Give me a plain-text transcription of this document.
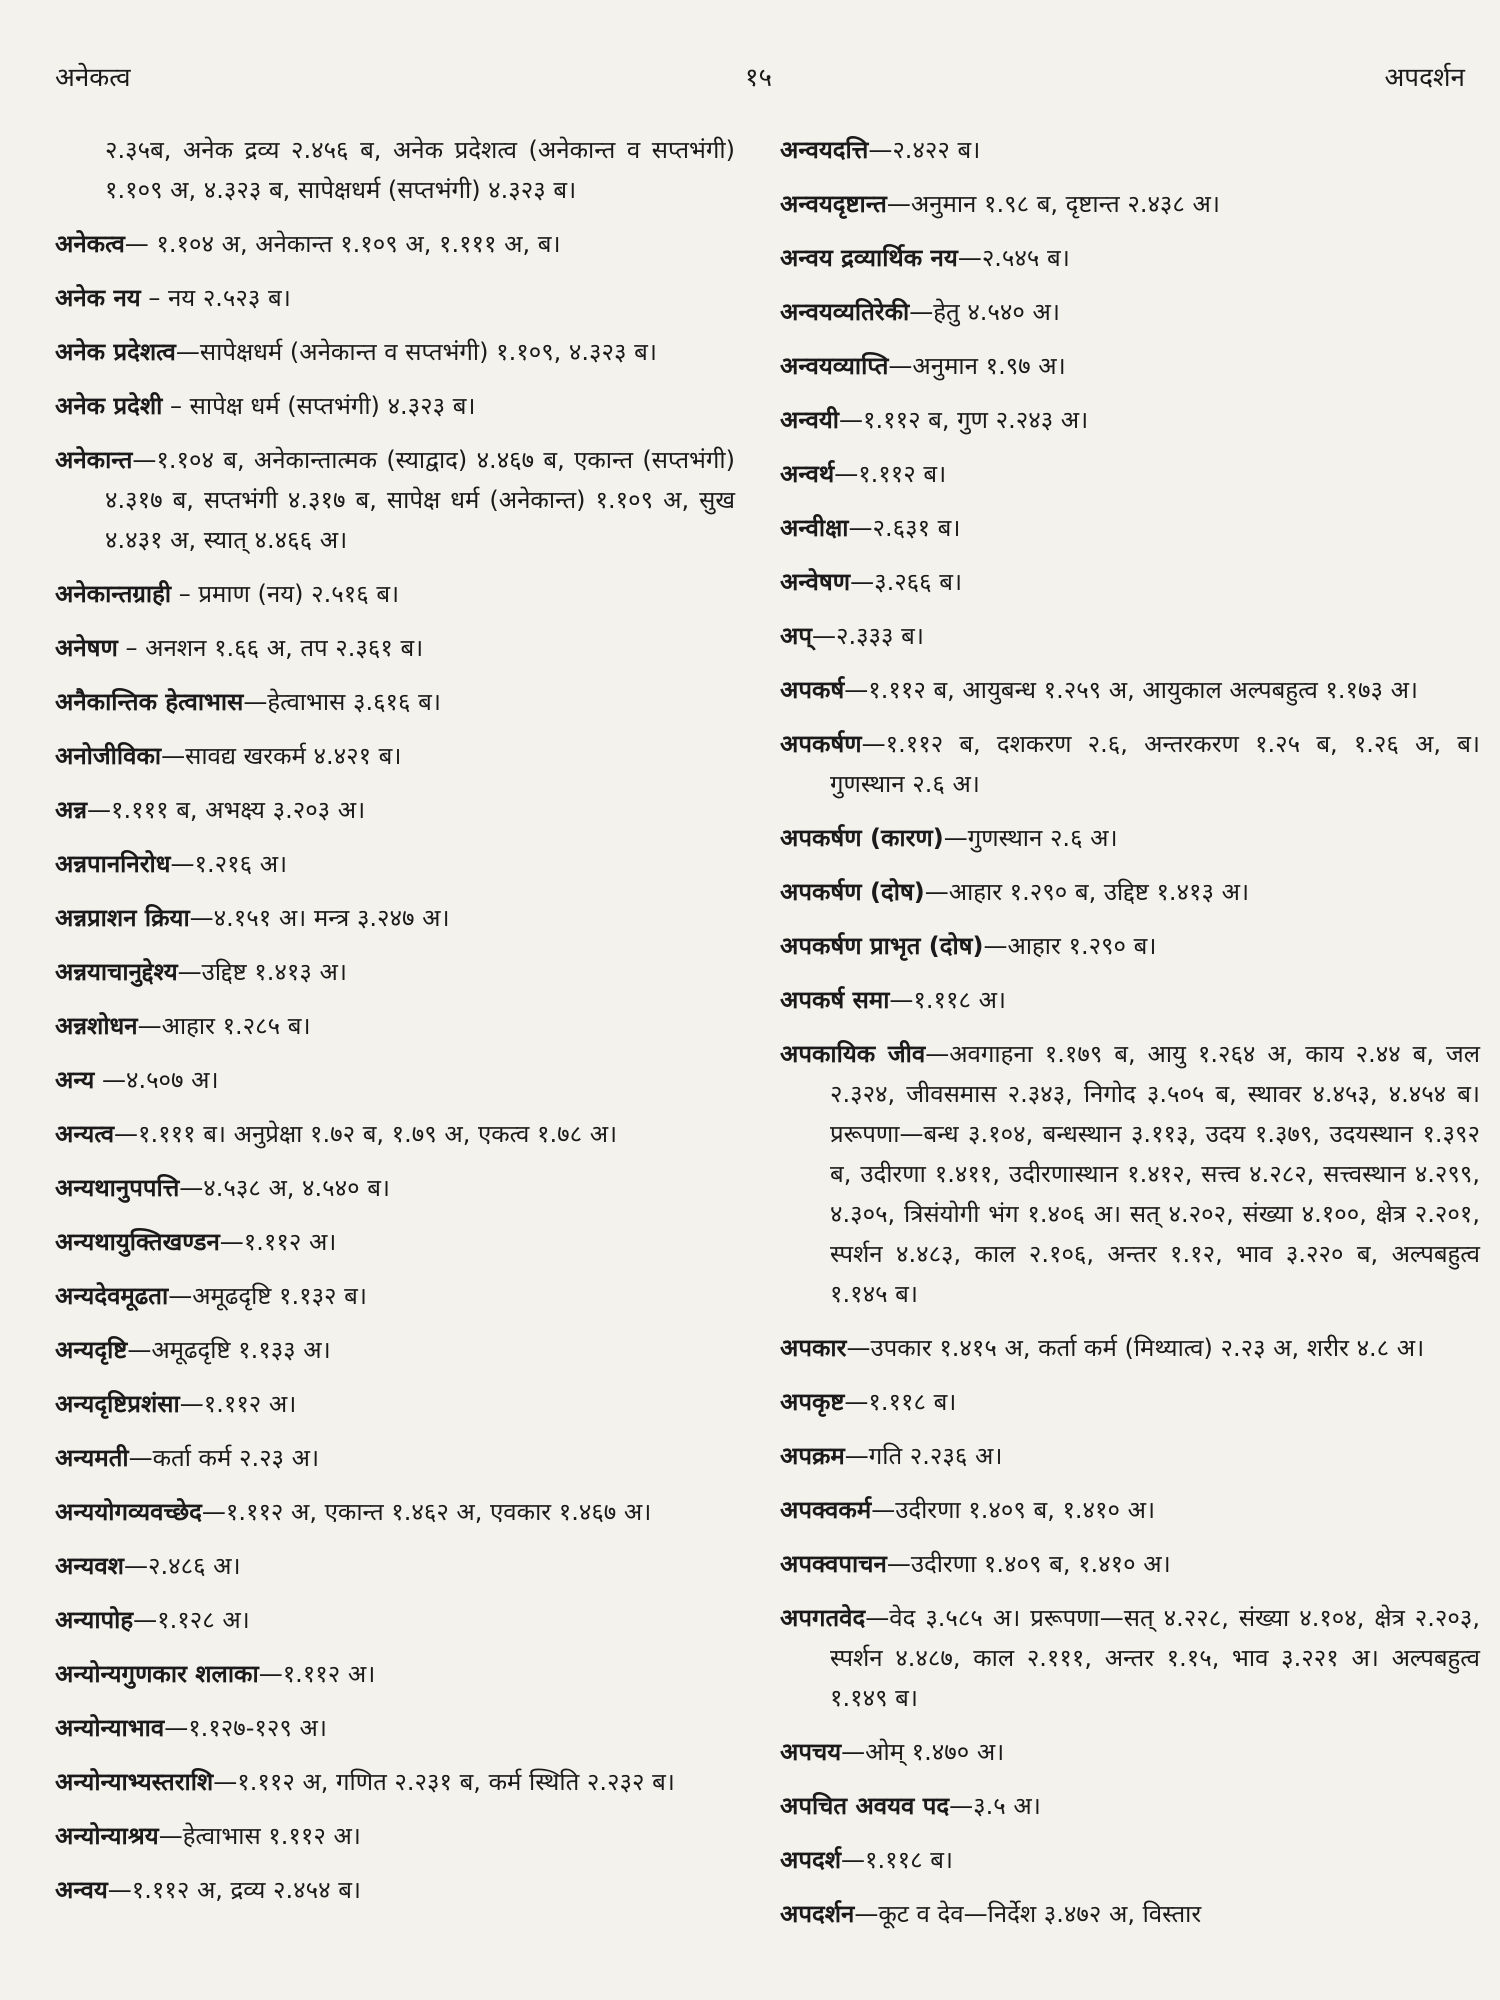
अनेकत्व	१५	अपदर्शन
२.३५ब, अनेक द्रव्य २.४५६ ब, अनेक प्रदेशत्व (अनेकान्त व सप्तभंगी) १.१०९ अ, ४.३२३ ब, सापेक्षधर्म (सप्तभंगी) ४.३२३ ब।
अनेकत्व— १.१०४ अ, अनेकान्त १.१०९ अ, १.१११ अ, ब।
अनेक नय – नय २.५२३ ब।
अनेक प्रदेशत्व—सापेक्षधर्म (अनेकान्त व सप्तभंगी) १.१०९, ४.३२३ ब।
अनेक प्रदेशी – सापेक्ष धर्म (सप्तभंगी) ४.३२३ ब।
अनेकान्त—१.१०४ ब, अनेकान्तात्मक (स्याद्वाद) ४.४६७ ब, एकान्त (सप्तभंगी) ४.३१७ ब, सप्तभंगी ४.३१७ ब, सापेक्ष धर्म (अनेकान्त) १.१०९ अ, सुख ४.४३१ अ, स्यात् ४.४६६ अ।
अनेकान्तग्राही – प्रमाण (नय) २.५१६ ब।
अनेषण – अनशन १.६६ अ, तप २.३६१ ब।
अनैकान्तिक हेत्वाभास—हेत्वाभास ३.६१६ ब।
अनोजीविका—सावद्य खरकर्म ४.४२१ ब।
अन्न—१.१११ ब, अभक्ष्य ३.२०३ अ।
अन्नपाननिरोध—१.२१६ अ।
अन्नप्राशन क्रिया—४.१५१ अ। मन्त्र ३.२४७ अ।
अन्नयाचानुद्देश्य—उद्दिष्ट १.४१३ अ।
अन्नशोधन—आहार १.२८५ ब।
अन्य —४.५०७ अ।
अन्यत्व—१.१११ ब। अनुप्रेक्षा १.७२ ब, १.७९ अ, एकत्व १.७८ अ।
अन्यथानुपपत्ति—४.५३८ अ, ४.५४० ब।
अन्यथायुक्तिखण्डन—१.११२ अ।
अन्यदेवमूढता—अमूढदृष्टि १.१३२ ब।
अन्यदृष्टि—अमूढदृष्टि १.१३३ अ।
अन्यदृष्टिप्रशंसा—१.११२ अ।
अन्यमती—कर्ता कर्म २.२३ अ।
अन्ययोगव्यवच्छेद—१.११२ अ, एकान्त १.४६२ अ, एवकार १.४६७ अ।
अन्यवश—२.४८६ अ।
अन्यापोह—१.१२८ अ।
अन्योन्यगुणकार शलाका—१.११२ अ।
अन्योन्याभाव—१.१२७-१२९ अ।
अन्योन्याभ्यस्तराशि—१.११२ अ, गणित २.२३१ ब, कर्म स्थिति २.२३२ ब।
अन्योन्याश्रय—हेत्वाभास १.११२ अ।
अन्वय—१.११२ अ, द्रव्य २.४५४ ब।
अन्वयदत्ति—२.४२२ ब।
अन्वयदृष्टान्त—अनुमान १.९८ ब, दृष्टान्त २.४३८ अ।
अन्वय द्रव्यार्थिक नय—२.५४५ ब।
अन्वयव्यतिरेकी—हेतु ४.५४० अ।
अन्वयव्याप्ति—अनुमान १.९७ अ।
अन्वयी—१.११२ ब, गुण २.२४३ अ।
अन्वर्थ—१.११२ ब।
अन्वीक्षा—२.६३१ ब।
अन्वेषण—३.२६६ ब।
अप्—२.३३३ ब।
अपकर्ष—१.११२ ब, आयुबन्ध १.२५९ अ, आयुकाल अल्पबहुत्व १.१७३ अ।
अपकर्षण—१.११२ ब, दशकरण २.६, अन्तरकरण १.२५ ब, १.२६ अ, ब। गुणस्थान २.६ अ।
अपकर्षण (कारण)—गुणस्थान २.६ अ।
अपकर्षण (दोष)—आहार १.२९० ब, उद्दिष्ट १.४१३ अ।
अपकर्षण प्राभृत (दोष)—आहार १.२९० ब।
अपकर्ष समा—१.११८ अ।
अपकायिक जीव—अवगाहना १.१७९ ब, आयु १.२६४ अ, काय २.४४ ब, जल २.३२४, जीवसमास २.३४३, निगोद ३.५०५ ब, स्थावर ४.४५३, ४.४५४ ब। प्ररूपणा—बन्ध ३.१०४, बन्धस्थान ३.११३, उदय १.३७९, उदयस्थान १.३९२ ब, उदीरणा १.४११, उदीरणास्थान १.४१२, सत्त्व ४.२८२, सत्त्वस्थान ४.२९९, ४.३०५, त्रिसंयोगी भंग १.४०६ अ। सत् ४.२०२, संख्या ४.१००, क्षेत्र २.२०१, स्पर्शन ४.४८३, काल २.१०६, अन्तर १.१२, भाव ३.२२० ब, अल्पबहुत्व १.१४५ ब।
अपकार—उपकार १.४१५ अ, कर्ता कर्म (मिथ्यात्व) २.२३ अ, शरीर ४.८ अ।
अपकृष्ट—१.११८ ब।
अपक्रम—गति २.२३६ अ।
अपक्वकर्म—उदीरणा १.४०९ ब, १.४१० अ।
अपक्वपाचन—उदीरणा १.४०९ ब, १.४१० अ।
अपगतवेद—वेद ३.५८५ अ। प्ररूपणा—सत् ४.२२८, संख्या ४.१०४, क्षेत्र २.२०३, स्पर्शन ४.४८७, काल २.१११, अन्तर १.१५, भाव ३.२२१ अ। अल्पबहुत्व १.१४९ ब।
अपचय—ओम् १.४७० अ।
अपचित अवयव पद—३.५ अ।
अपदर्श—१.११८ ब।
अपदर्शन—कूट व देव—निर्देश ३.४७२ अ, विस्तार
